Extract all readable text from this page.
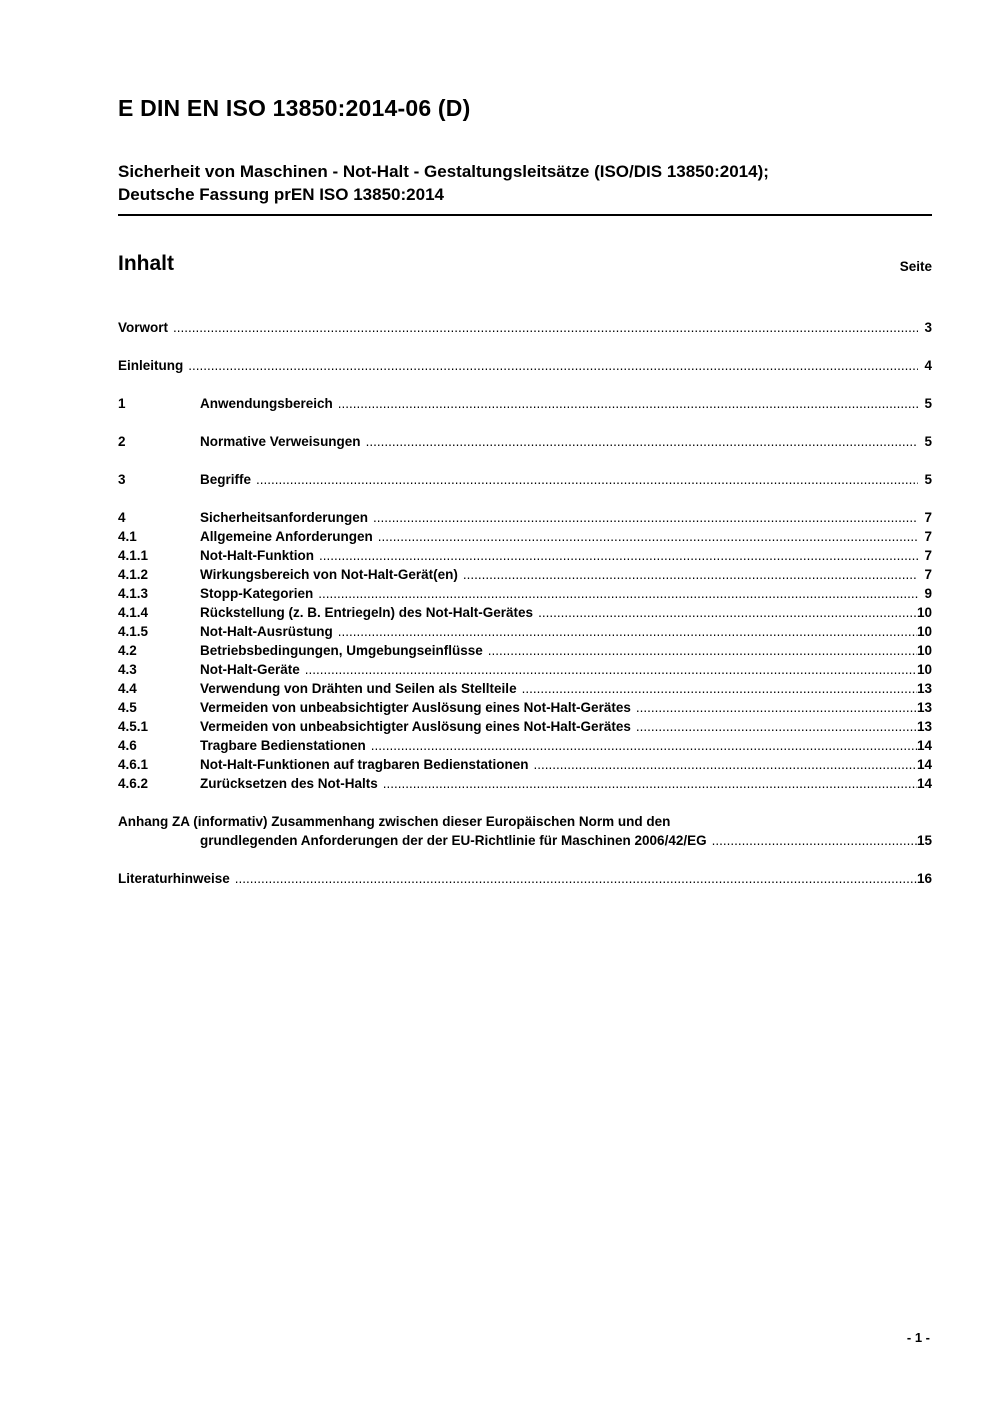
E DIN EN ISO 13850:2014-06 (D)
Sicherheit von Maschinen - Not-Halt - Gestaltungsleitsätze (ISO/DIS 13850:2014);
Deutsche Fassung prEN ISO 13850:2014
Inhalt	Seite
Vorwort .....	3
Einleitung .....	4
1	Anwendungsbereich .....	5
2	Normative Verweisungen .....	5
3	Begriffe .....	5
4	Sicherheitsanforderungen .....	7
4.1	Allgemeine Anforderungen .....	7
4.1.1	Not-Halt-Funktion .....	7
4.1.2	Wirkungsbereich von Not-Halt-Gerät(en) .....	7
4.1.3	Stopp-Kategorien .....	9
4.1.4	Rückstellung (z. B. Entriegeln) des Not-Halt-Gerätes .....	10
4.1.5	Not-Halt-Ausrüstung .....	10
4.2	Betriebsbedingungen, Umgebungseinflüsse .....	10
4.3	Not-Halt-Geräte .....	10
4.4	Verwendung von Drähten und Seilen als Stellteile .....	13
4.5	Vermeiden von unbeabsichtigter Auslösung eines Not-Halt-Gerätes .....	13
4.5.1	Vermeiden von unbeabsichtigter Auslösung eines Not-Halt-Gerätes .....	13
4.6	Tragbare Bedienstationen .....	14
4.6.1	Not-Halt-Funktionen auf tragbaren Bedienstationen .....	14
4.6.2	Zurücksetzen des Not-Halts .....	14
Anhang ZA (informativ) Zusammenhang zwischen dieser Europäischen Norm und den
grundlegenden Anforderungen der der EU-Richtlinie für Maschinen 2006/42/EG .....	15
Literaturhinweise .....	16
- 1 -
